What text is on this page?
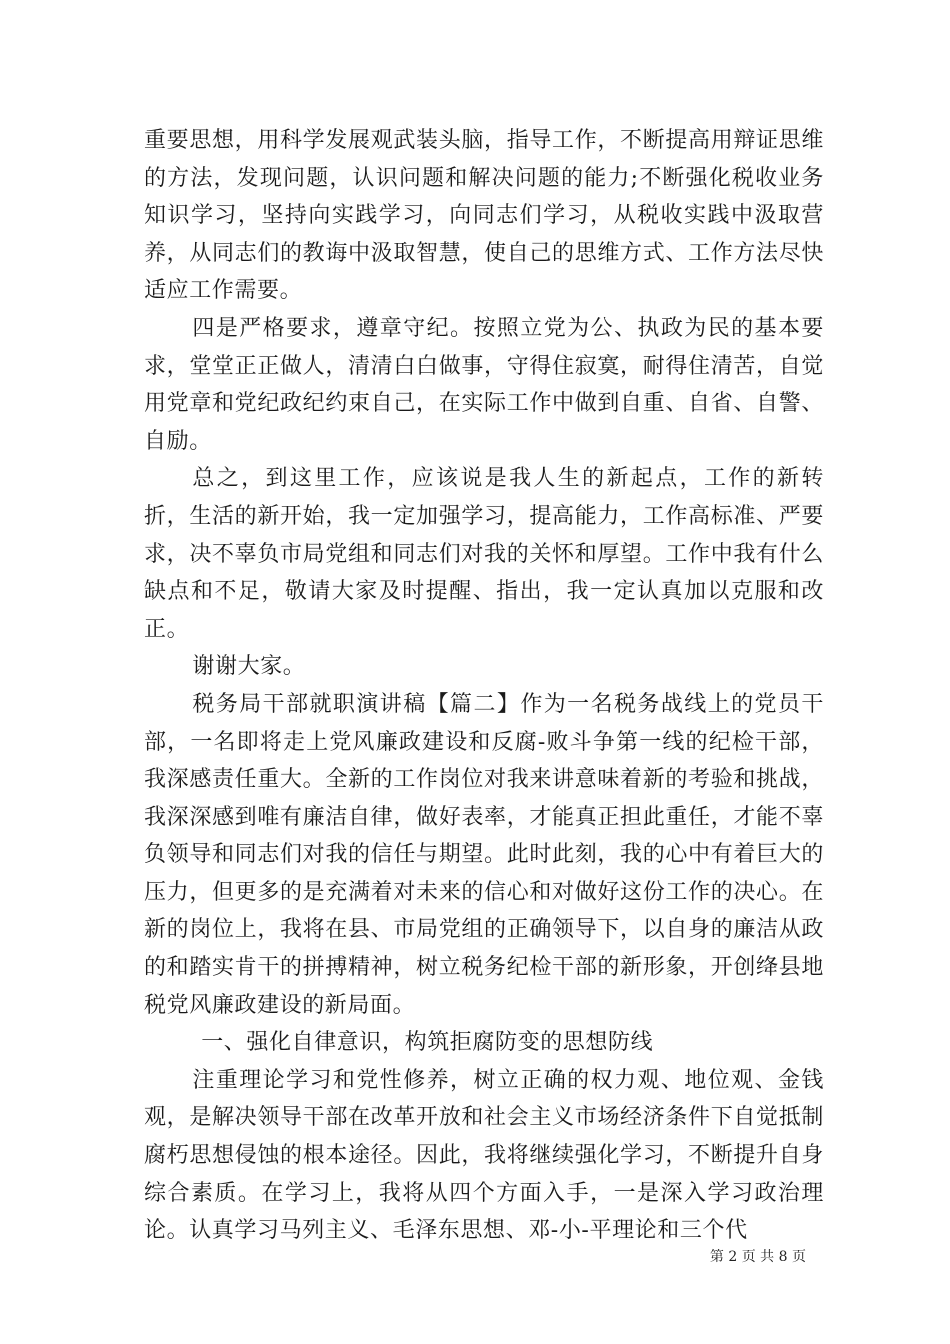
重要思想，用科学发展观武装头脑，指导工作，不断提高用辩证思维的方法，发现问题，认识问题和解决问题的能力;不断强化税收业务知识学习，坚持向实践学习，向同志们学习，从税收实践中汲取营养，从同志们的教诲中汲取智慧，使自己的思维方式、工作方法尽快适应工作需要。

四是严格要求，遵章守纪。按照立党为公、执政为民的基本要求，堂堂正正做人，清清白白做事，守得住寂寞，耐得住清苦，自觉用党章和党纪政纪约束自己，在实际工作中做到自重、自省、自警、自励。

总之，到这里工作，应该说是我人生的新起点，工作的新转折，生活的新开始，我一定加强学习，提高能力，工作高标准、严要求，决不辜负市局党组和同志们对我的关怀和厚望。工作中我有什么缺点和不足，敬请大家及时提醒、指出，我一定认真加以克服和改正。

谢谢大家。

税务局干部就职演讲稿【篇二】作为一名税务战线上的党员干部，一名即将走上党风廉政建设和反腐-败斗争第一线的纪检干部，我深感责任重大。全新的工作岗位对我来讲意味着新的考验和挑战，我深深感到唯有廉洁自律，做好表率，才能真正担此重任，才能不辜负领导和同志们对我的信任与期望。此时此刻，我的心中有着巨大的压力，但更多的是充满着对未来的信心和对做好这份工作的决心。在新的岗位上，我将在县、市局党组的正确领导下，以自身的廉洁从政的和踏实肯干的拼搏精神，树立税务纪检干部的新形象，开创绛县地税党风廉政建设的新局面。

一、强化自律意识，构筑拒腐防变的思想防线

注重理论学习和党性修养，树立正确的权力观、地位观、金钱观，是解决领导干部在改革开放和社会主义市场经济条件下自觉抵制腐朽思想侵蚀的根本途径。因此，我将继续强化学习，不断提升自身综合素质。在学习上，我将从四个方面入手，一是深入学习政治理论。认真学习马列主义、毛泽东思想、邓-小-平理论和三个代

第 2 页 共 8 页
